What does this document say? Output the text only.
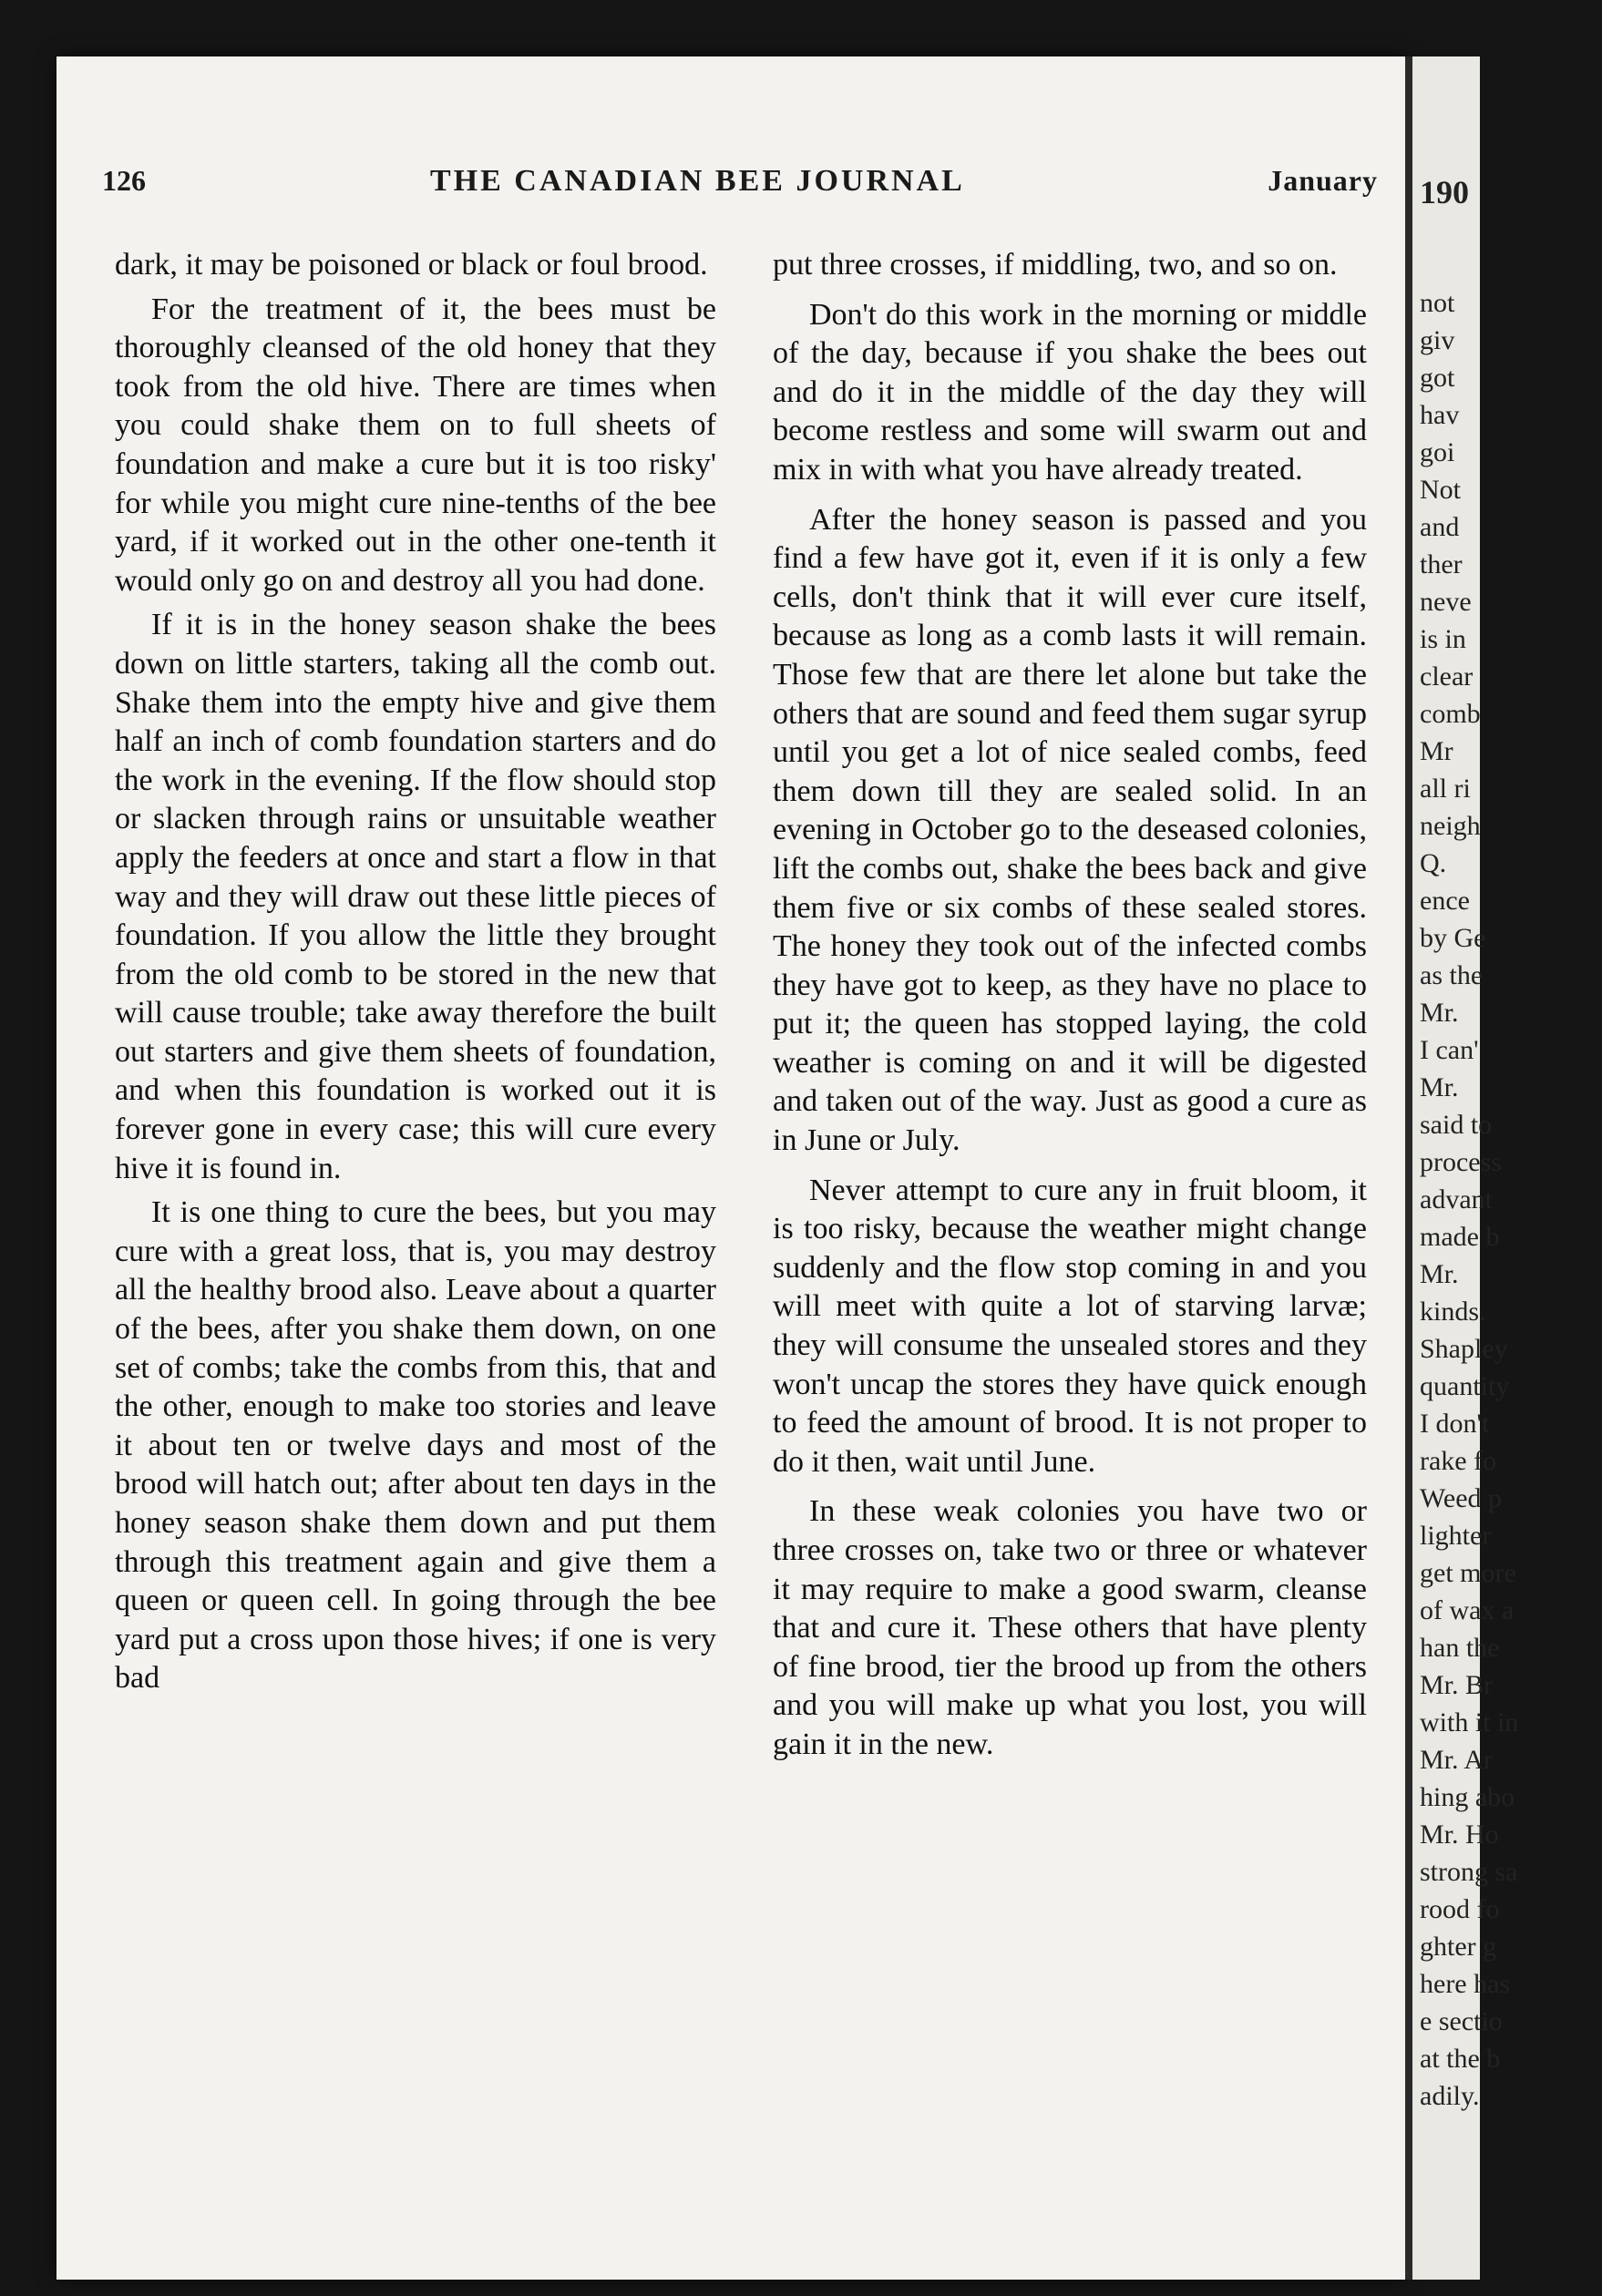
190
not
giv
got
hav
goi
Not
and
ther
neve
is in
clear
comb
Mr
all ri
neigh
Q.
ence
by Ge
as the
Mr.
I can'
Mr.
said to
process
advant
made b
Mr.
kinds.
Shapley
quantity
I don't
rake fo
Weed p
lighter
get more
of wax a
han the
Mr. Br
with it in
Mr. Ar
hing abo
Mr. Ho
strong sa
rood fo
ghter g
here has
e sectio
at the b
adily.
126	THE CANADIAN BEE JOURNAL	January

dark, it may be poisoned or black or foul brood.

For the treatment of it, the bees must be thoroughly cleansed of the old honey that they took from the old hive. There are times when you could shake them on to full sheets of foundation and make a cure but it is too risky' for while you might cure nine-tenths of the bee yard, if it worked out in the other one-tenth it would only go on and destroy all you had done.

If it is in the honey season shake the bees down on little starters, taking all the comb out. Shake them into the empty hive and give them half an inch of comb foundation starters and do the work in the evening. If the flow should stop or slacken through rains or unsuitable weather apply the feeders at once and start a flow in that way and they will draw out these little pieces of foundation. If you allow the little they brought from the old comb to be stored in the new that will cause trouble; take away therefore the built out starters and give them sheets of foundation, and when this foundation is worked out it is forever gone in every case; this will cure every hive it is found in.

It is one thing to cure the bees, but you may cure with a great loss, that is, you may destroy all the healthy brood also. Leave about a quarter of the bees, after you shake them down, on one set of combs; take the combs from this, that and the other, enough to make too stories and leave it about ten or twelve days and most of the brood will hatch out; after about ten days in the honey season shake them down and put them through this treatment again and give them a queen or queen cell. In going through the bee yard put a cross upon those hives; if one is very bad

put three crosses, if middling, two, and so on.

Don't do this work in the morning or middle of the day, because if you shake the bees out and do it in the middle of the day they will become restless and some will swarm out and mix in with what you have already treated.

After the honey season is passed and you find a few have got it, even if it is only a few cells, don't think that it will ever cure itself, because as long as a comb lasts it will remain. Those few that are there let alone but take the others that are sound and feed them sugar syrup until you get a lot of nice sealed combs, feed them down till they are sealed solid. In an evening in October go to the deseased colonies, lift the combs out, shake the bees back and give them five or six combs of these sealed stores. The honey they took out of the infected combs they have got to keep, as they have no place to put it; the queen has stopped laying, the cold weather is coming on and it will be digested and taken out of the way. Just as good a cure as in June or July.

Never attempt to cure any in fruit bloom, it is too risky, because the weather might change suddenly and the flow stop coming in and you will meet with quite a lot of starving larvæ; they will consume the unsealed stores and they won't uncap the stores they have quick enough to feed the amount of brood. It is not proper to do it then, wait until June.

In these weak colonies you have two or three crosses on, take two or three or whatever it may require to make a good swarm, cleanse that and cure it. These others that have plenty of fine brood, tier the brood up from the others and you will make up what you lost, you will gain it in the new.
